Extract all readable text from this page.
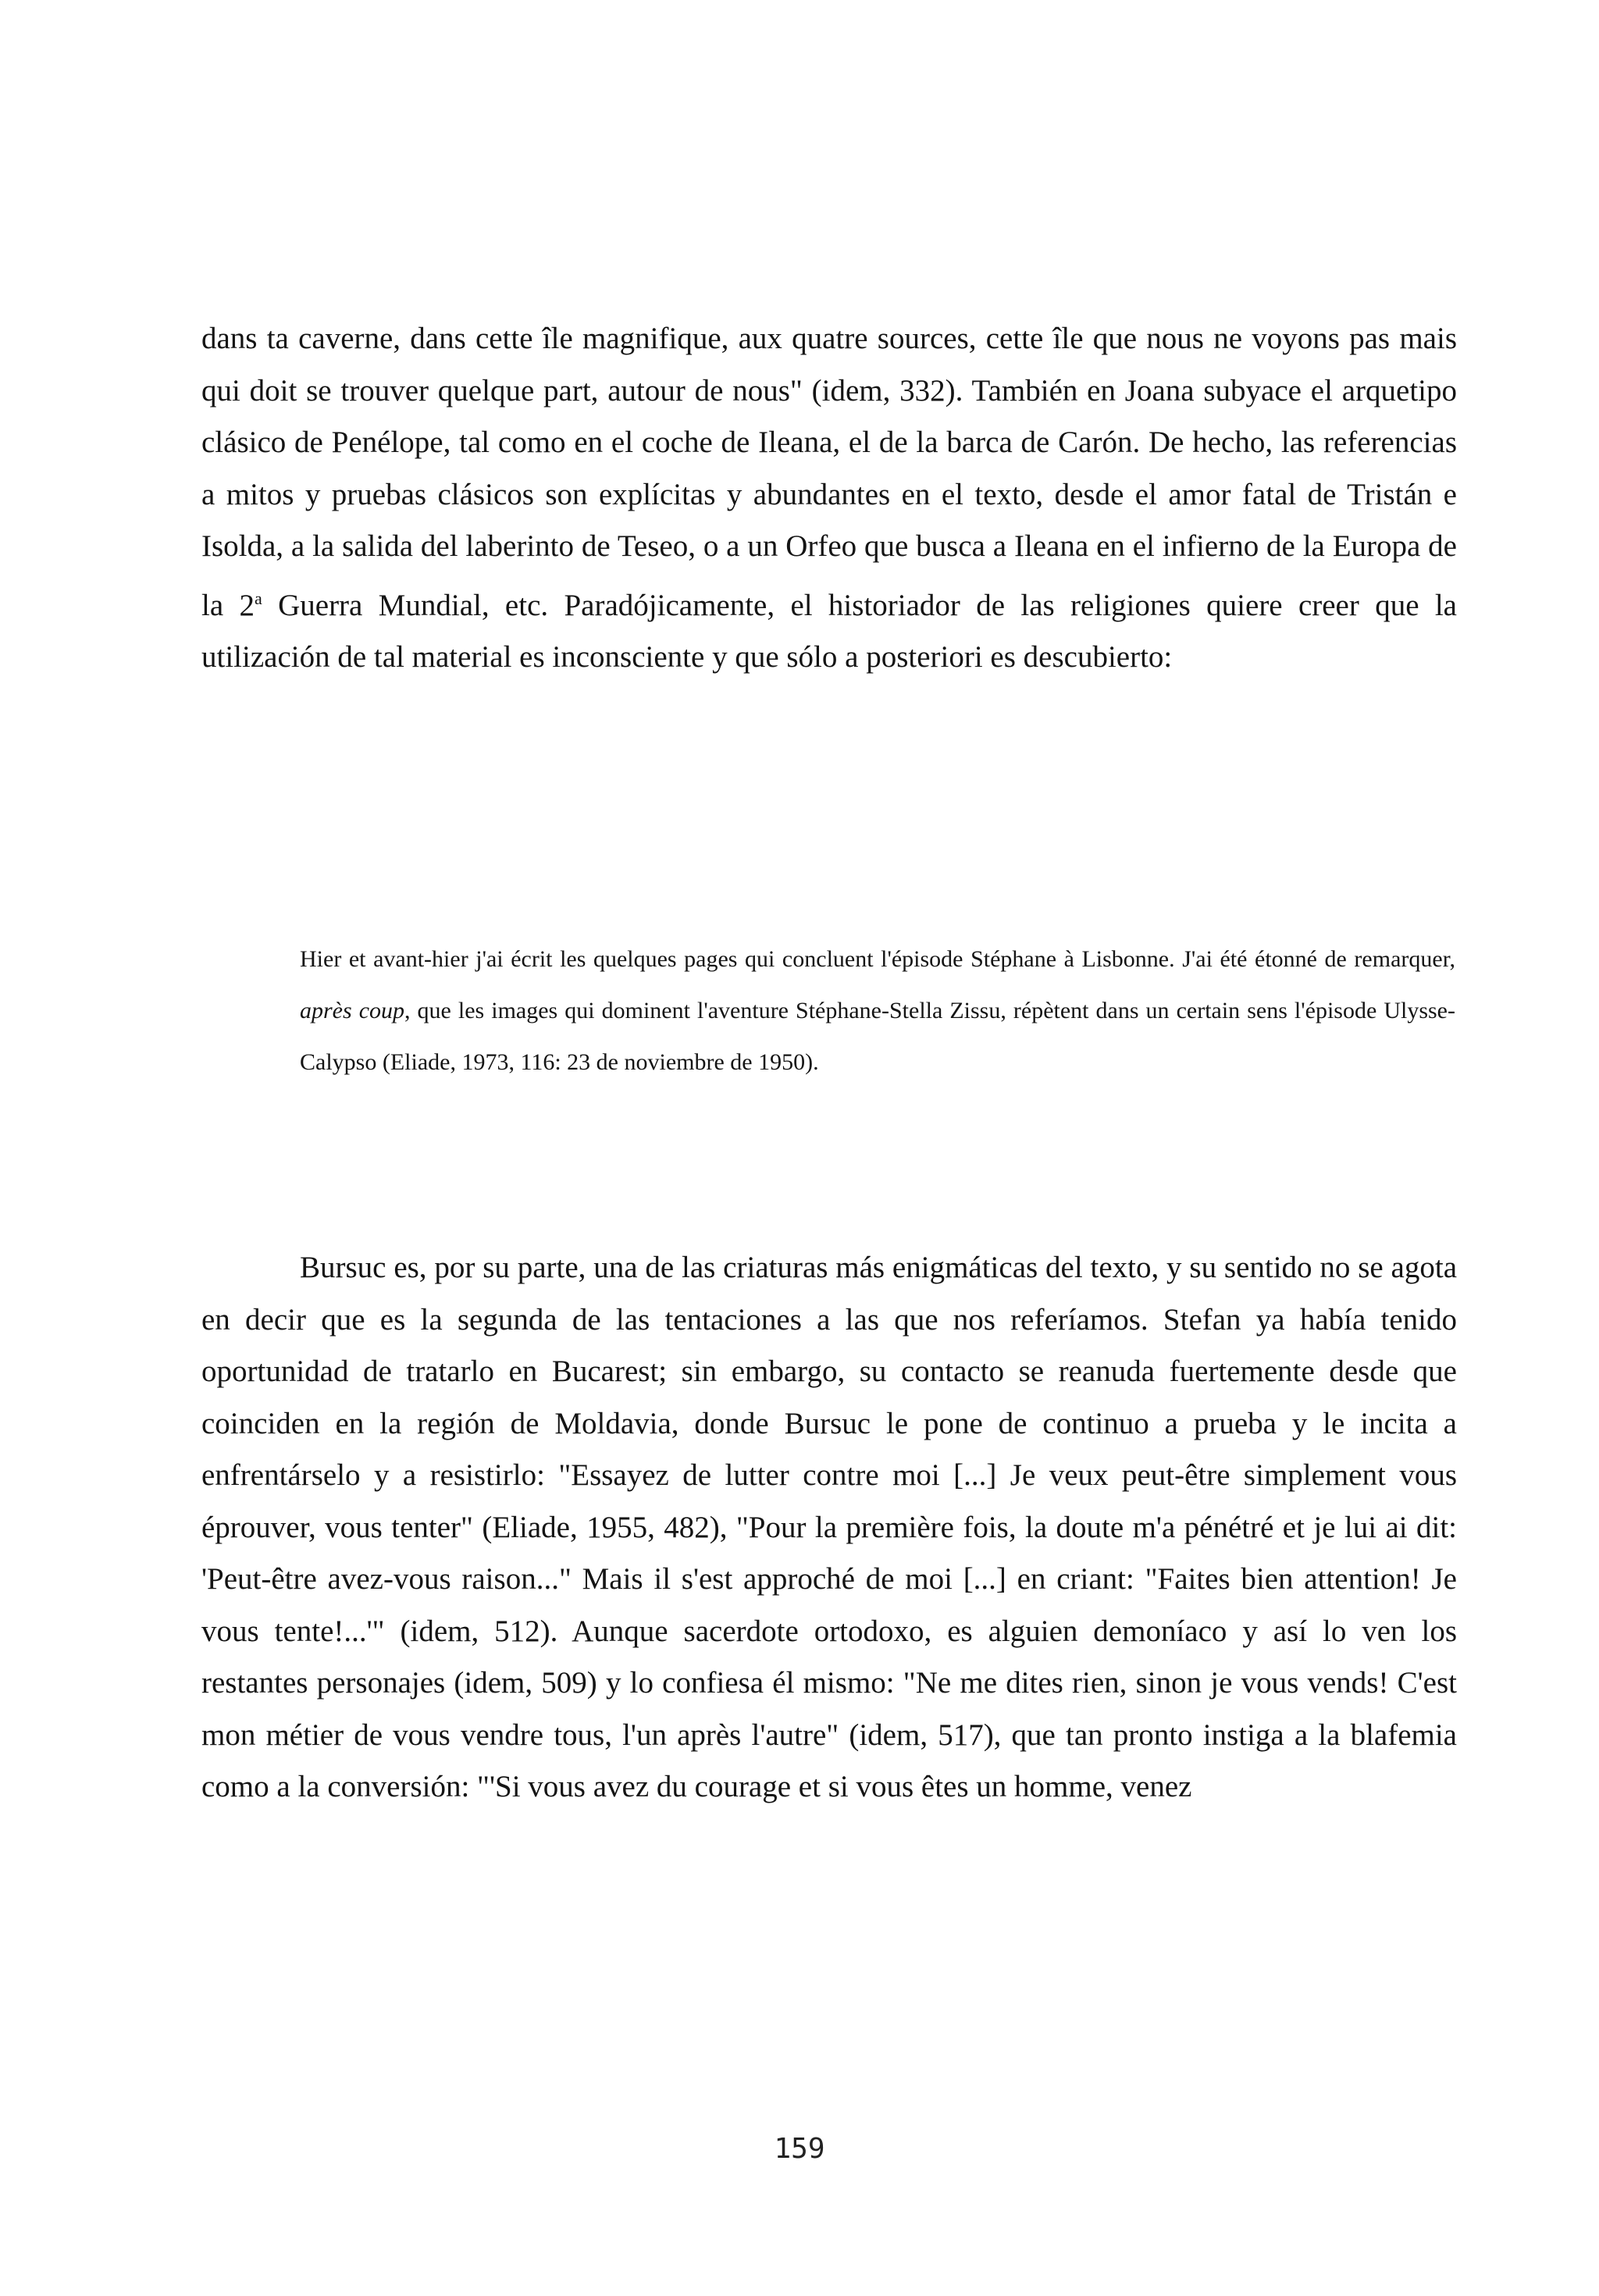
dans ta caverne, dans cette île magnifique, aux quatre sources, cette île que nous ne voyons pas mais qui doit se trouver quelque part, autour de nous" (idem, 332). También en Joana subyace el arquetipo clásico de Penélope, tal como en el coche de Ileana, el de la barca de Carón. De hecho, las referencias a mitos y pruebas clásicos son explícitas y abundantes en el texto, desde el amor fatal de Tristán e Isolda, a la salida del laberinto de Teseo, o a un Orfeo que busca a Ileana en el infierno de la Europa de la 2$^a$ Guerra Mundial, etc. Paradójicamente, el historiador de las religiones quiere creer que la utilización de tal material es inconsciente y que sólo a posteriori es descubierto:

Hier et avant-hier j'ai écrit les quelques pages qui concluent l'épisode Stéphane à Lisbonne. J'ai été étonné de remarquer, après coup, que les images qui dominent l'aventure Stéphane-Stella Zissu, répètent dans un certain sens l'épisode Ulysse-Calypso (Eliade, 1973, 116: 23 de noviembre de 1950).

Bursuc es, por su parte, una de las criaturas más enigmáticas del texto, y su sentido no se agota en decir que es la segunda de las tentaciones a las que nos referíamos. Stefan ya había tenido oportunidad de tratarlo en Bucarest; sin embargo, su contacto se reanuda fuertemente desde que coinciden en la región de Moldavia, donde Bursuc le pone de continuo a prueba y le incita a enfrentárselo y a resistirlo: "Essayez de lutter contre moi [...] Je veux peut-être simplement vous éprouver, vous tenter" (Eliade, 1955, 482), "Pour la première fois, la doute m'a pénétré et je lui ai dit: 'Peut-être avez-vous raison..." Mais il s'est approché de moi [...] en criant: "Faites bien attention! Je vous tente!...'" (idem, 512). Aunque sacerdote ortodoxo, es alguien demoníaco y así lo ven los restantes personajes (idem, 509) y lo confiesa él mismo: "Ne me dites rien, sinon je vous vends! C'est mon métier de vous vendre tous, l'un après l'autre" (idem, 517), que tan pronto instiga a la blafemia como a la conversión: "'Si vous avez du courage et si vous êtes un homme, venez

159
